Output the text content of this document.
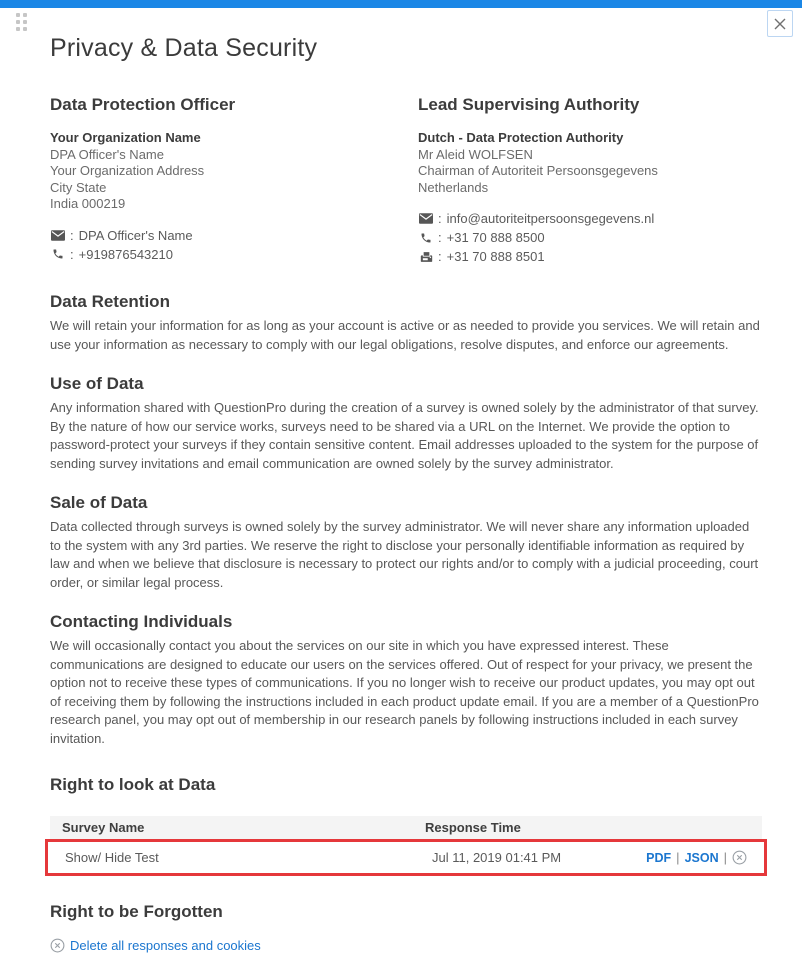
Privacy & Data Security
Data Protection Officer
Your Organization Name
DPA Officer's Name
Your Organization Address
City State
India 000219
: DPA Officer's Name
: +919876543210
Lead Supervising Authority
Dutch - Data Protection Authority
Mr Aleid WOLFSEN
Chairman of Autoriteit Persoonsgegevens
Netherlands
: info@autoriteitpersoonsgegevens.nl
: +31 70 888 8500
: +31 70 888 8501
Data Retention

We will retain your information for as long as your account is active or as needed to provide you services. We will retain and use your information as necessary to comply with our legal obligations, resolve disputes, and enforce our agreements.

Use of Data

Any information shared with QuestionPro during the creation of a survey is owned solely by the administrator of that survey. By the nature of how our service works, surveys need to be shared via a URL on the Internet. We provide the option to password-protect your surveys if they contain sensitive content. Email addresses uploaded to the system for the purpose of sending survey invitations and email communication are owned solely by the survey administrator.

Sale of Data

Data collected through surveys is owned solely by the survey administrator. We will never share any information uploaded to the system with any 3rd parties. We reserve the right to disclose your personally identifiable information as required by law and when we believe that disclosure is necessary to protect our rights and/or to comply with a judicial proceeding, court order, or similar legal process.

Contacting Individuals

We will occasionally contact you about the services on our site in which you have expressed interest. These communications are designed to educate our users on the services offered. Out of respect for your privacy, we present the option not to receive these types of communications. If you no longer wish to receive our product updates, you may opt out of receiving them by following the instructions included in each product update email. If you are a member of a QuestionPro research panel, you may opt out of membership in our research panels by following instructions included in each survey invitation.

Right to look at Data
Survey Name	Response Time
Show/ Hide Test	Jul 11, 2019 01:41 PM	PDF | JSON |
Right to be Forgotten
Delete all responses and cookies
